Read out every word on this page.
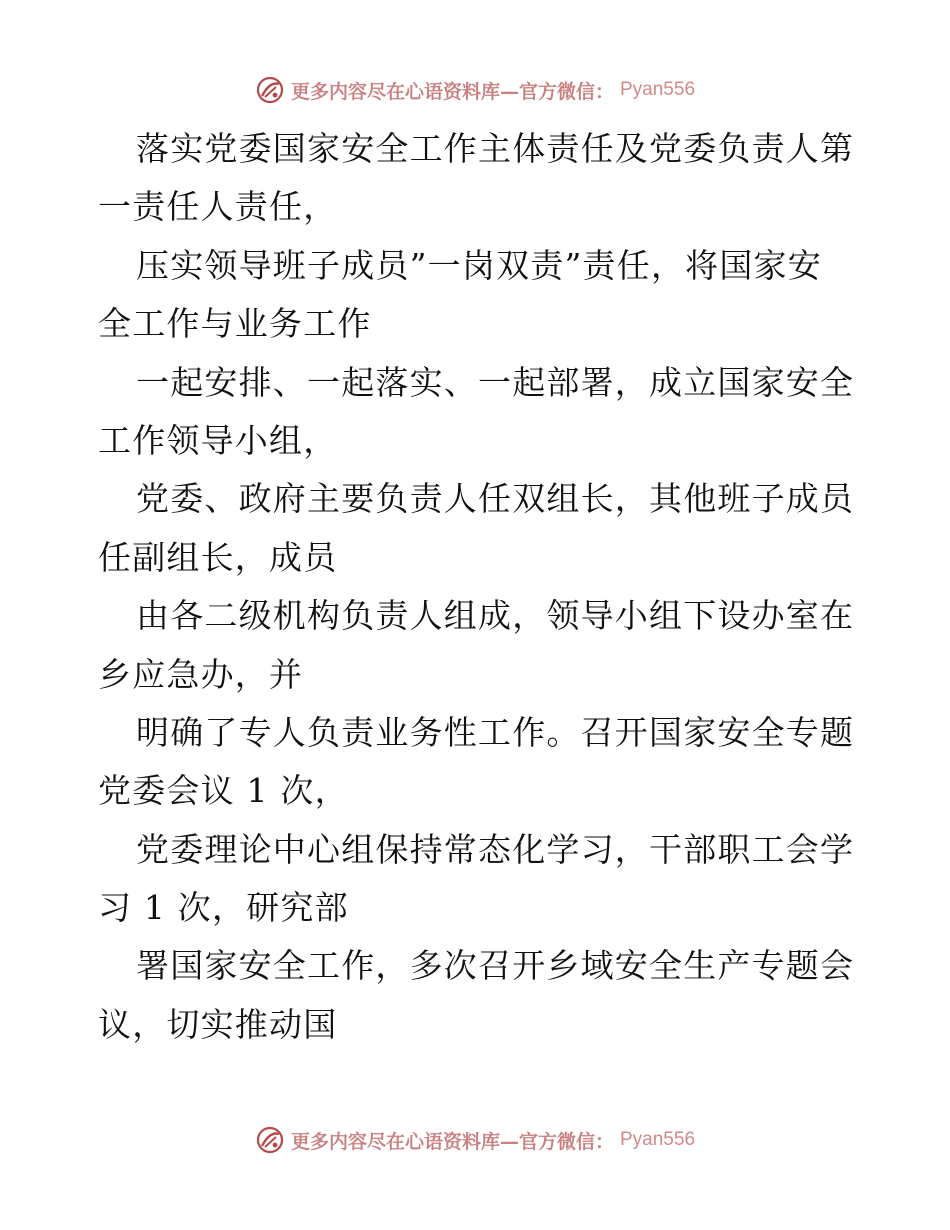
更多内容尽在心语资料库—官方微信： Pyan556
落实党委国家安全工作主体责任及党委负责人第
一责任人责任，
压实领导班子成员”一岗双责”责任，将国家安
全工作与业务工作
一起安排、一起落实、一起部署，成立国家安全
工作领导小组，
党委、政府主要负责人任双组长，其他班子成员
任副组长，成员
由各二级机构负责人组成，领导小组下设办室在
乡应急办，并
明确了专人负责业务性工作。召开国家安全专题
党委会议 1 次，
党委理论中心组保持常态化学习，干部职工会学
习 1 次，研究部
署国家安全工作，多次召开乡域安全生产专题会
议，切实推动国
更多内容尽在心语资料库—官方微信： Pyan556
